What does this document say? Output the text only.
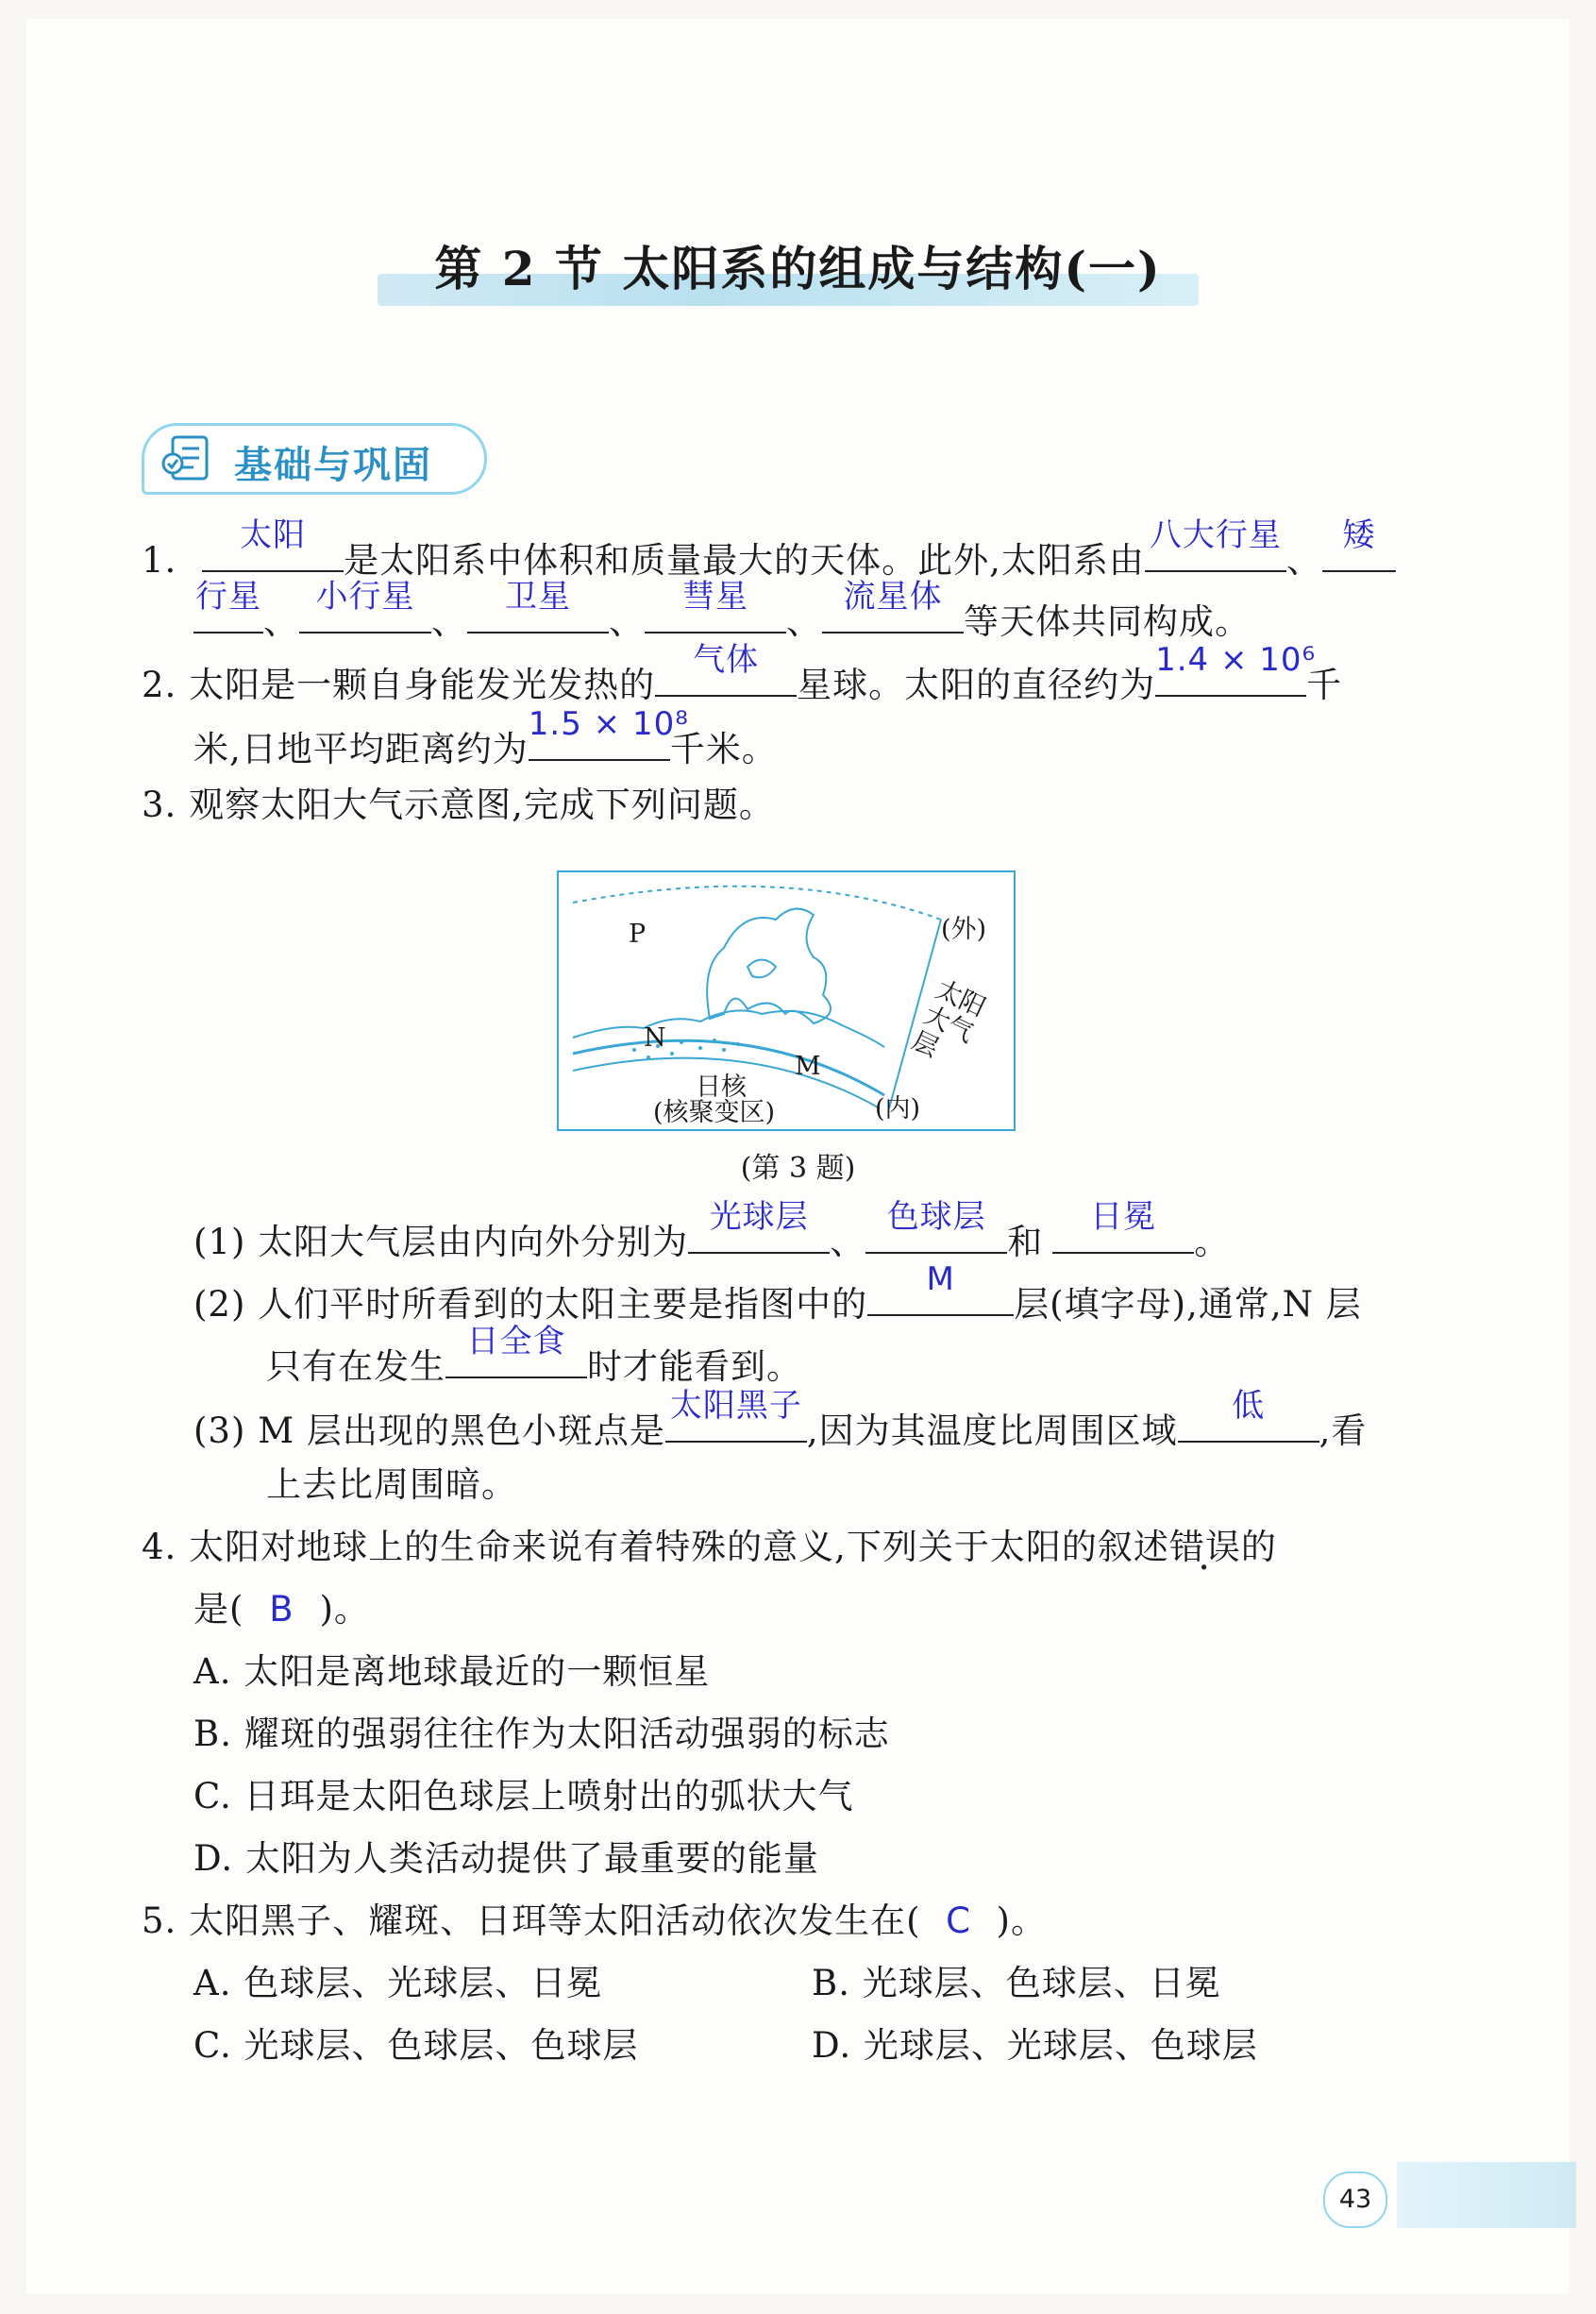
第 2 节 太阳系的组成与结构(一)
基础与巩固
1.
太阳
是太阳系中体积和质量最大的天体。此外,太阳系由
八大行星
、
矮
行星
、
小行星
、
卫星
、
彗星
、
流星体
等天体共同构成。
2. 太阳是一颗自身能发光发热的
气体
星球。太阳的直径约为
1.4 × 10⁶
千
米,日地平均距离约为
1.5 × 10⁸
千米。
3. 观察太阳大气示意图,完成下列问题。
P
N
M
(外)
(内)
太阳大气层
日核
(核聚变区)
(第 3 题)
(1) 太阳大气层由内向外分别为
光球层
、
色球层
和
日冕
。
(2) 人们平时所看到的太阳主要是指图中的
M
层(填字母),通常,N 层
只有在发生
日全食
时才能看到。
(3) M 层出现的黑色小斑点是
太阳黑子
,因为其温度比周围区域
低
,看
上去比周围暗。
4. 太阳对地球上的生命来说有着特殊的意义,下列关于太阳的叙述错误的
是( B )。
A. 太阳是离地球最近的一颗恒星
B. 耀斑的强弱往往作为太阳活动强弱的标志
C. 日珥是太阳色球层上喷射出的弧状大气
D. 太阳为人类活动提供了最重要的能量
5. 太阳黑子、耀斑、日珥等太阳活动依次发生在( C )。
A. 色球层、光球层、日冕	B. 光球层、色球层、日冕
C. 光球层、色球层、色球层	D. 光球层、光球层、色球层
43
